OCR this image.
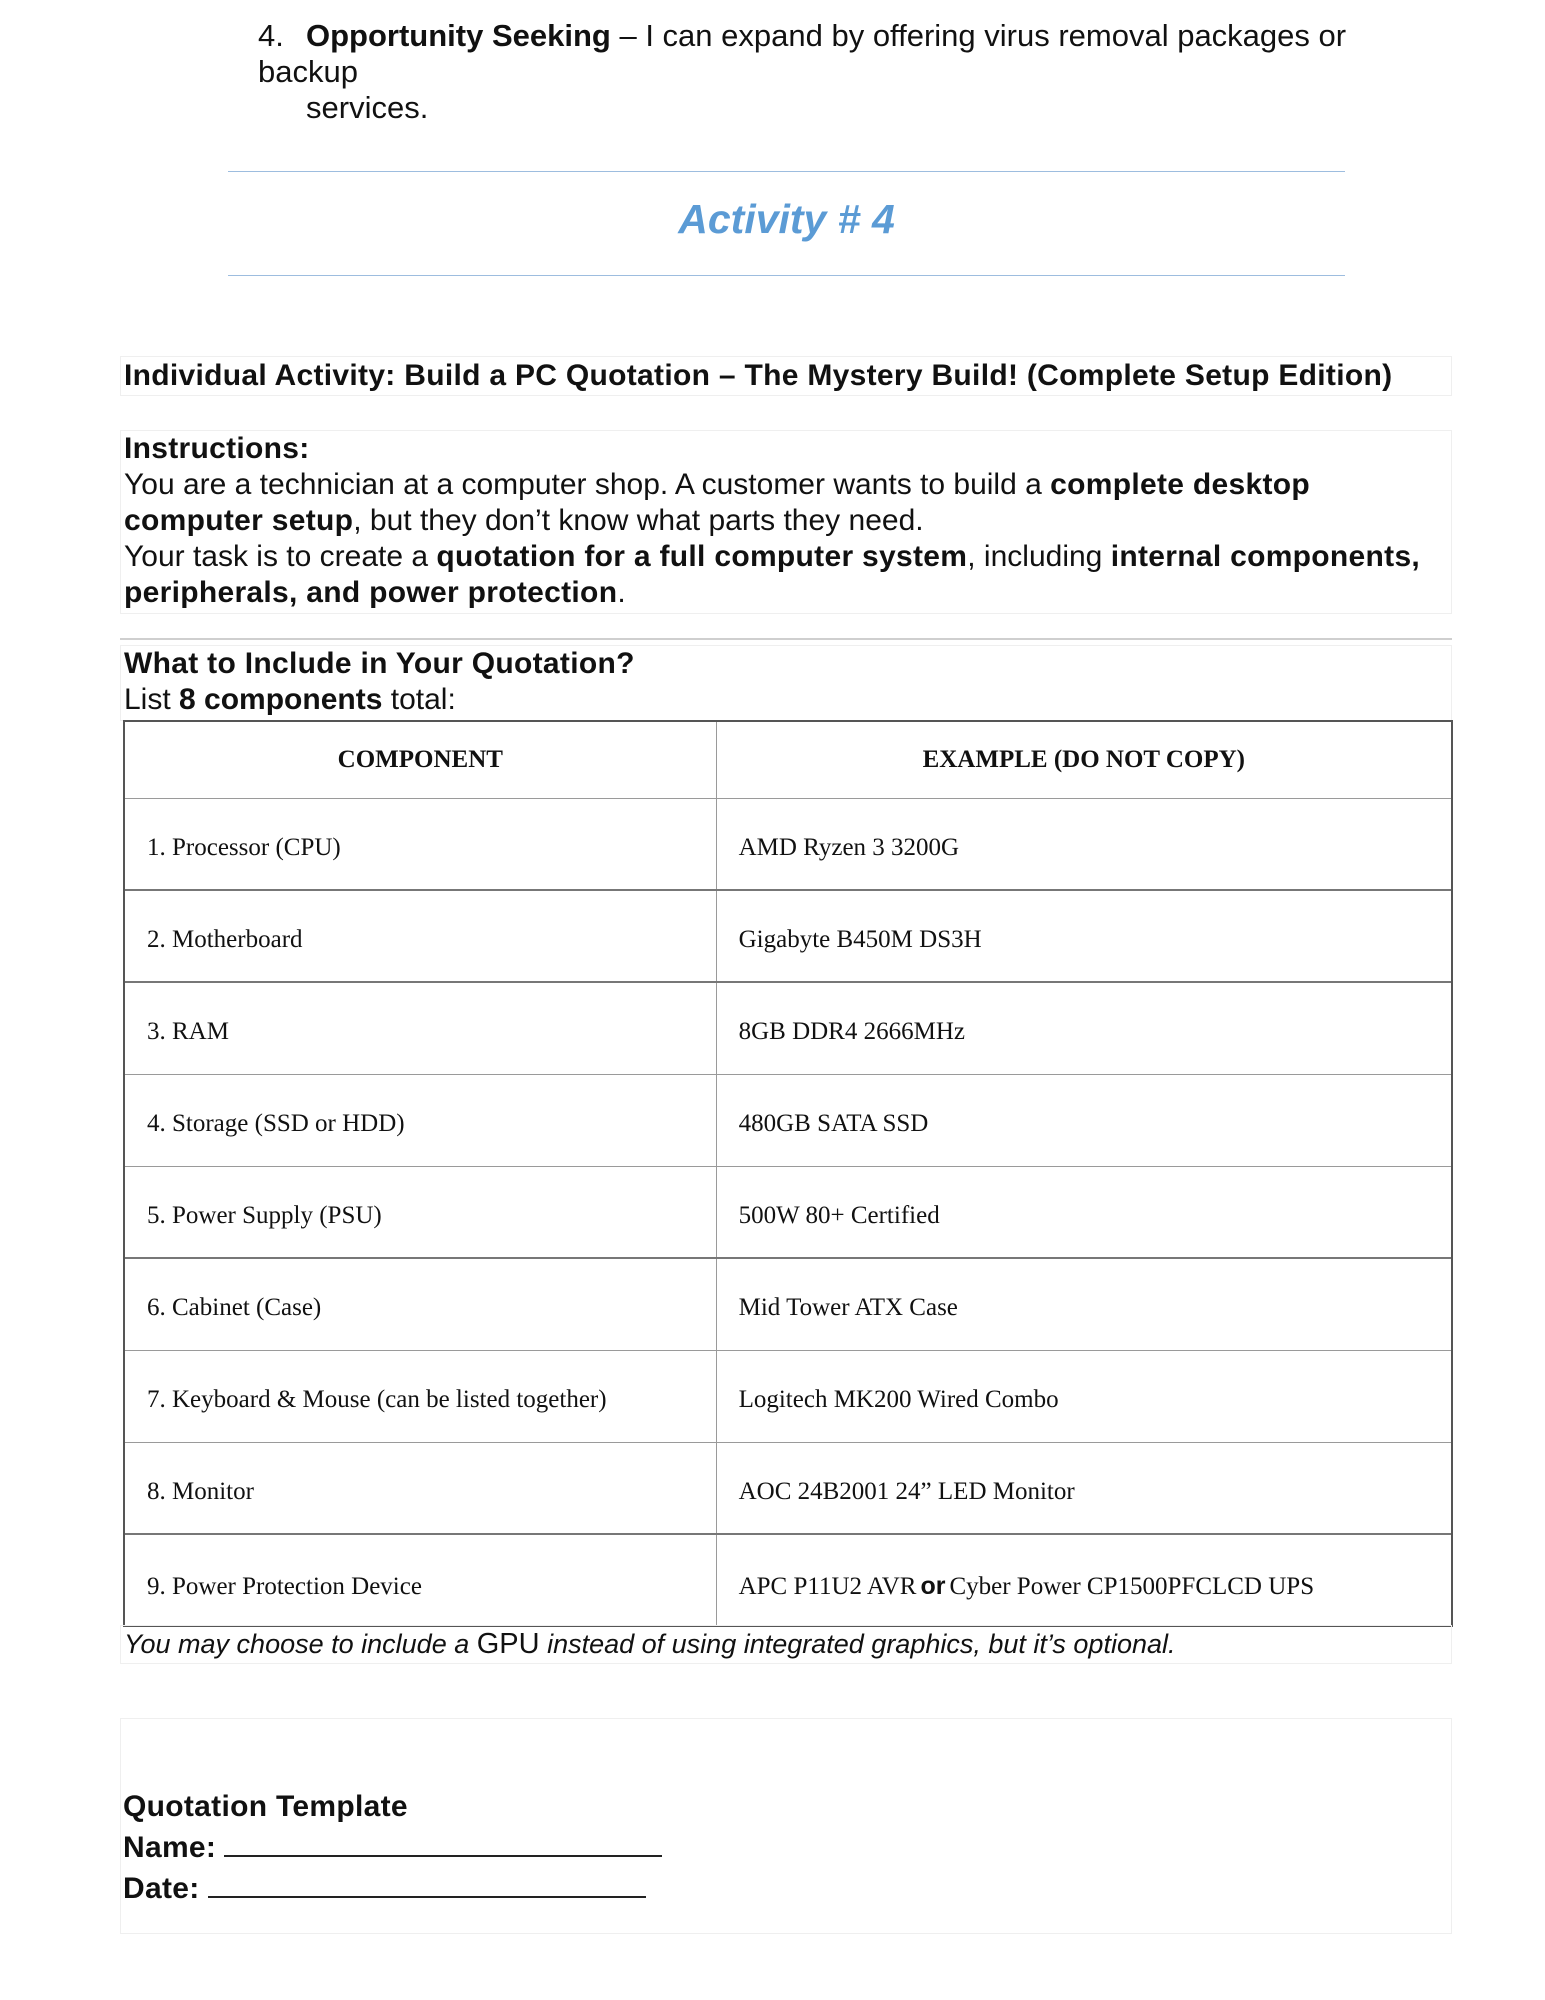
4. Opportunity Seeking – I can expand by offering virus removal packages or backup
services.
Activity # 4
Individual Activity: Build a PC Quotation – The Mystery Build! (Complete Setup Edition)
Instructions:
You are a technician at a computer shop. A customer wants to build a complete desktop computer setup, but they don’t know what parts they need.
Your task is to create a quotation for a full computer system, including internal components, peripherals, and power protection.
What to Include in Your Quotation?
List 8 components total:
COMPONENT	EXAMPLE (DO NOT COPY)
1. Processor (CPU)	AMD Ryzen 3 3200G
2. Motherboard	Gigabyte B450M DS3H
3. RAM	8GB DDR4 2666MHz
4. Storage (SSD or HDD)	480GB SATA SSD
5. Power Supply (PSU)	500W 80+ Certified
6. Cabinet (Case)	Mid Tower ATX Case
7. Keyboard & Mouse (can be listed together)	Logitech MK200 Wired Combo
8. Monitor	AOC 24B2001 24” LED Monitor
9. Power Protection Device	APC P11U2 AVR or Cyber Power CP1500PFCLCD UPS
You may choose to include a GPU instead of using integrated graphics, but it’s optional.
Quotation Template
Name:
Date:
